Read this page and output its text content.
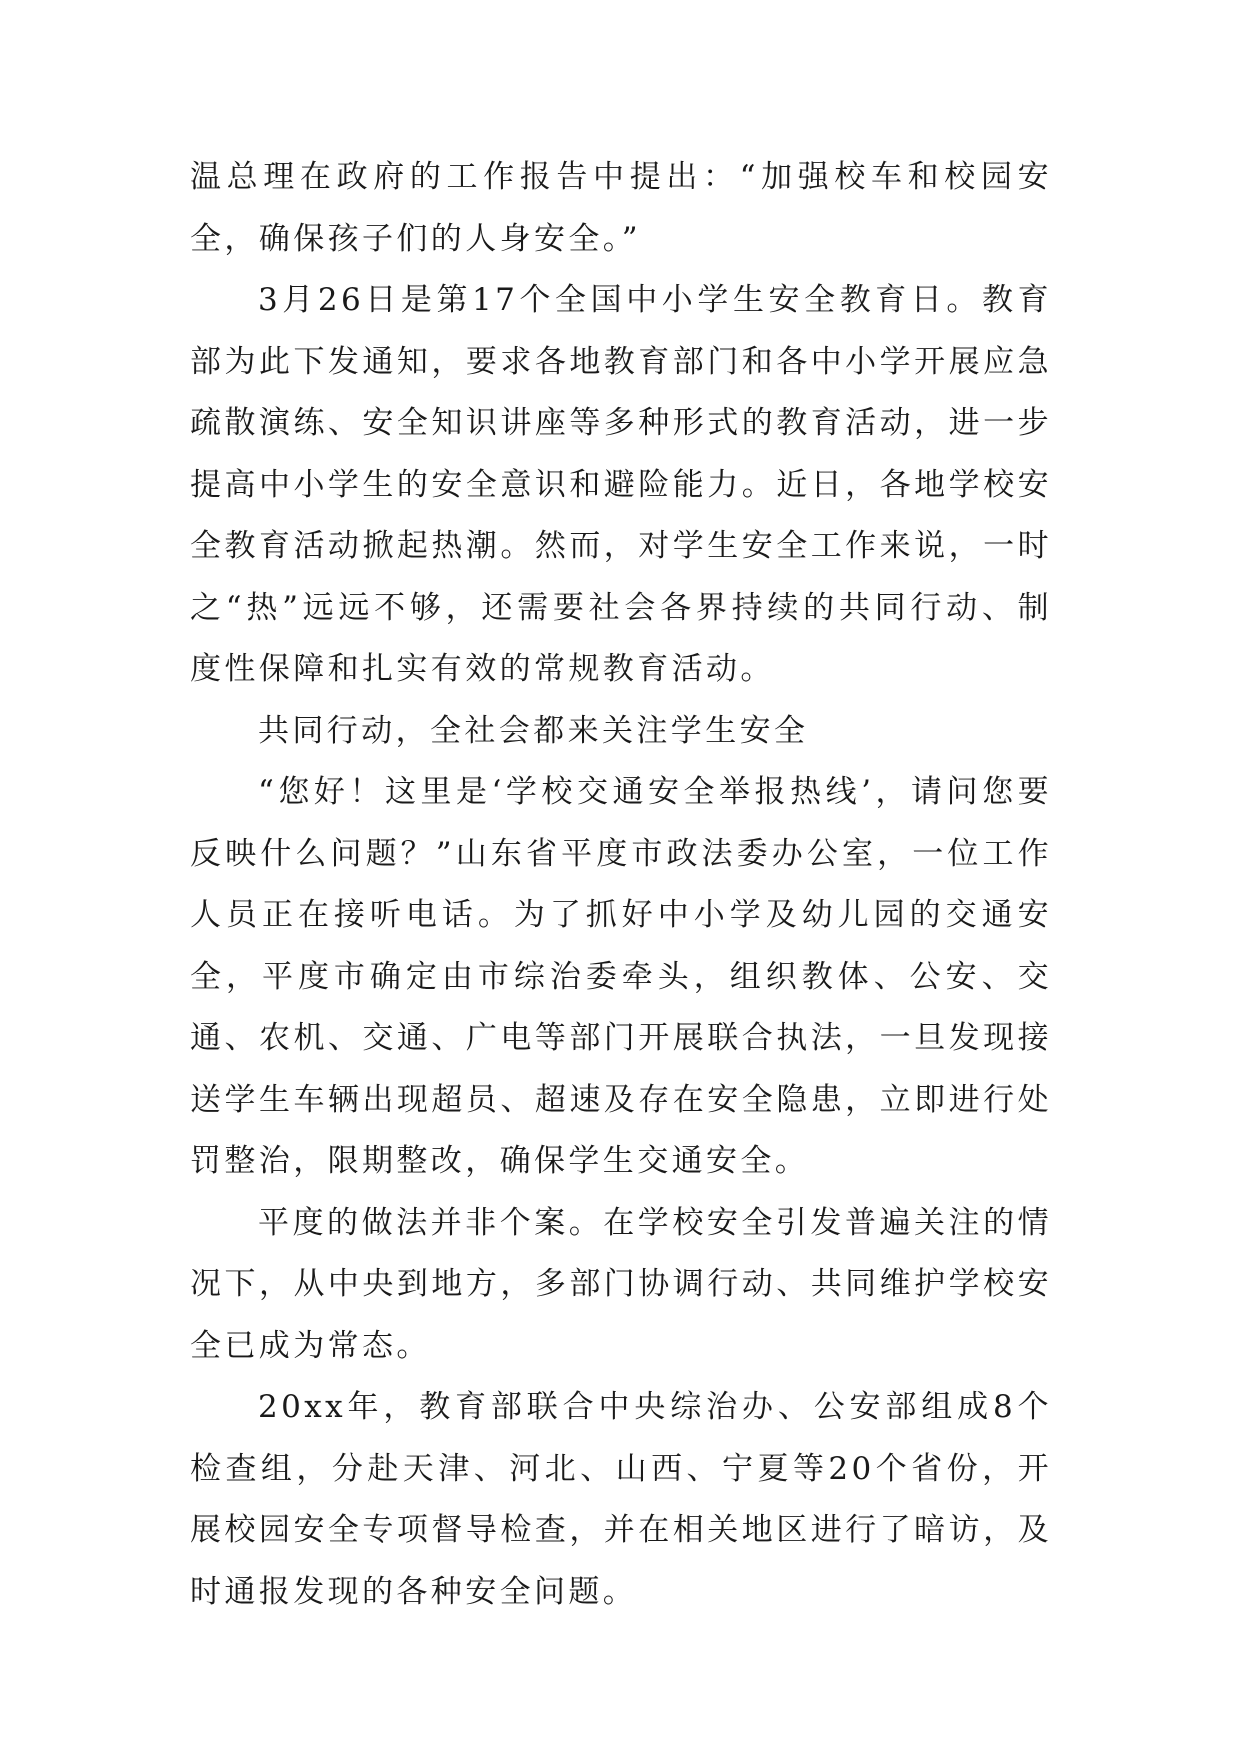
温总理在政府的工作报告中提出：“加强校车和校园安全，确保孩子们的人身安全。”

3月26日是第17个全国中小学生安全教育日。教育部为此下发通知，要求各地教育部门和各中小学开展应急疏散演练、安全知识讲座等多种形式的教育活动，进一步提高中小学生的安全意识和避险能力。近日，各地学校安全教育活动掀起热潮。然而，对学生安全工作来说，一时之“热”远远不够，还需要社会各界持续的共同行动、制度性保障和扎实有效的常规教育活动。

共同行动，全社会都来关注学生安全

“您好！这里是‘学校交通安全举报热线’，请问您要反映什么问题？”山东省平度市政法委办公室，一位工作人员正在接听电话。为了抓好中小学及幼儿园的交通安全，平度市确定由市综治委牵头，组织教体、公安、交通、农机、交通、广电等部门开展联合执法，一旦发现接送学生车辆出现超员、超速及存在安全隐患，立即进行处罚整治，限期整改，确保学生交通安全。

平度的做法并非个案。在学校安全引发普遍关注的情况下，从中央到地方，多部门协调行动、共同维护学校安全已成为常态。

20xx年，教育部联合中央综治办、公安部组成8个检查组，分赴天津、河北、山西、宁夏等20个省份，开展校园安全专项督导检查，并在相关地区进行了暗访，及时通报发现的各种安全问题。
